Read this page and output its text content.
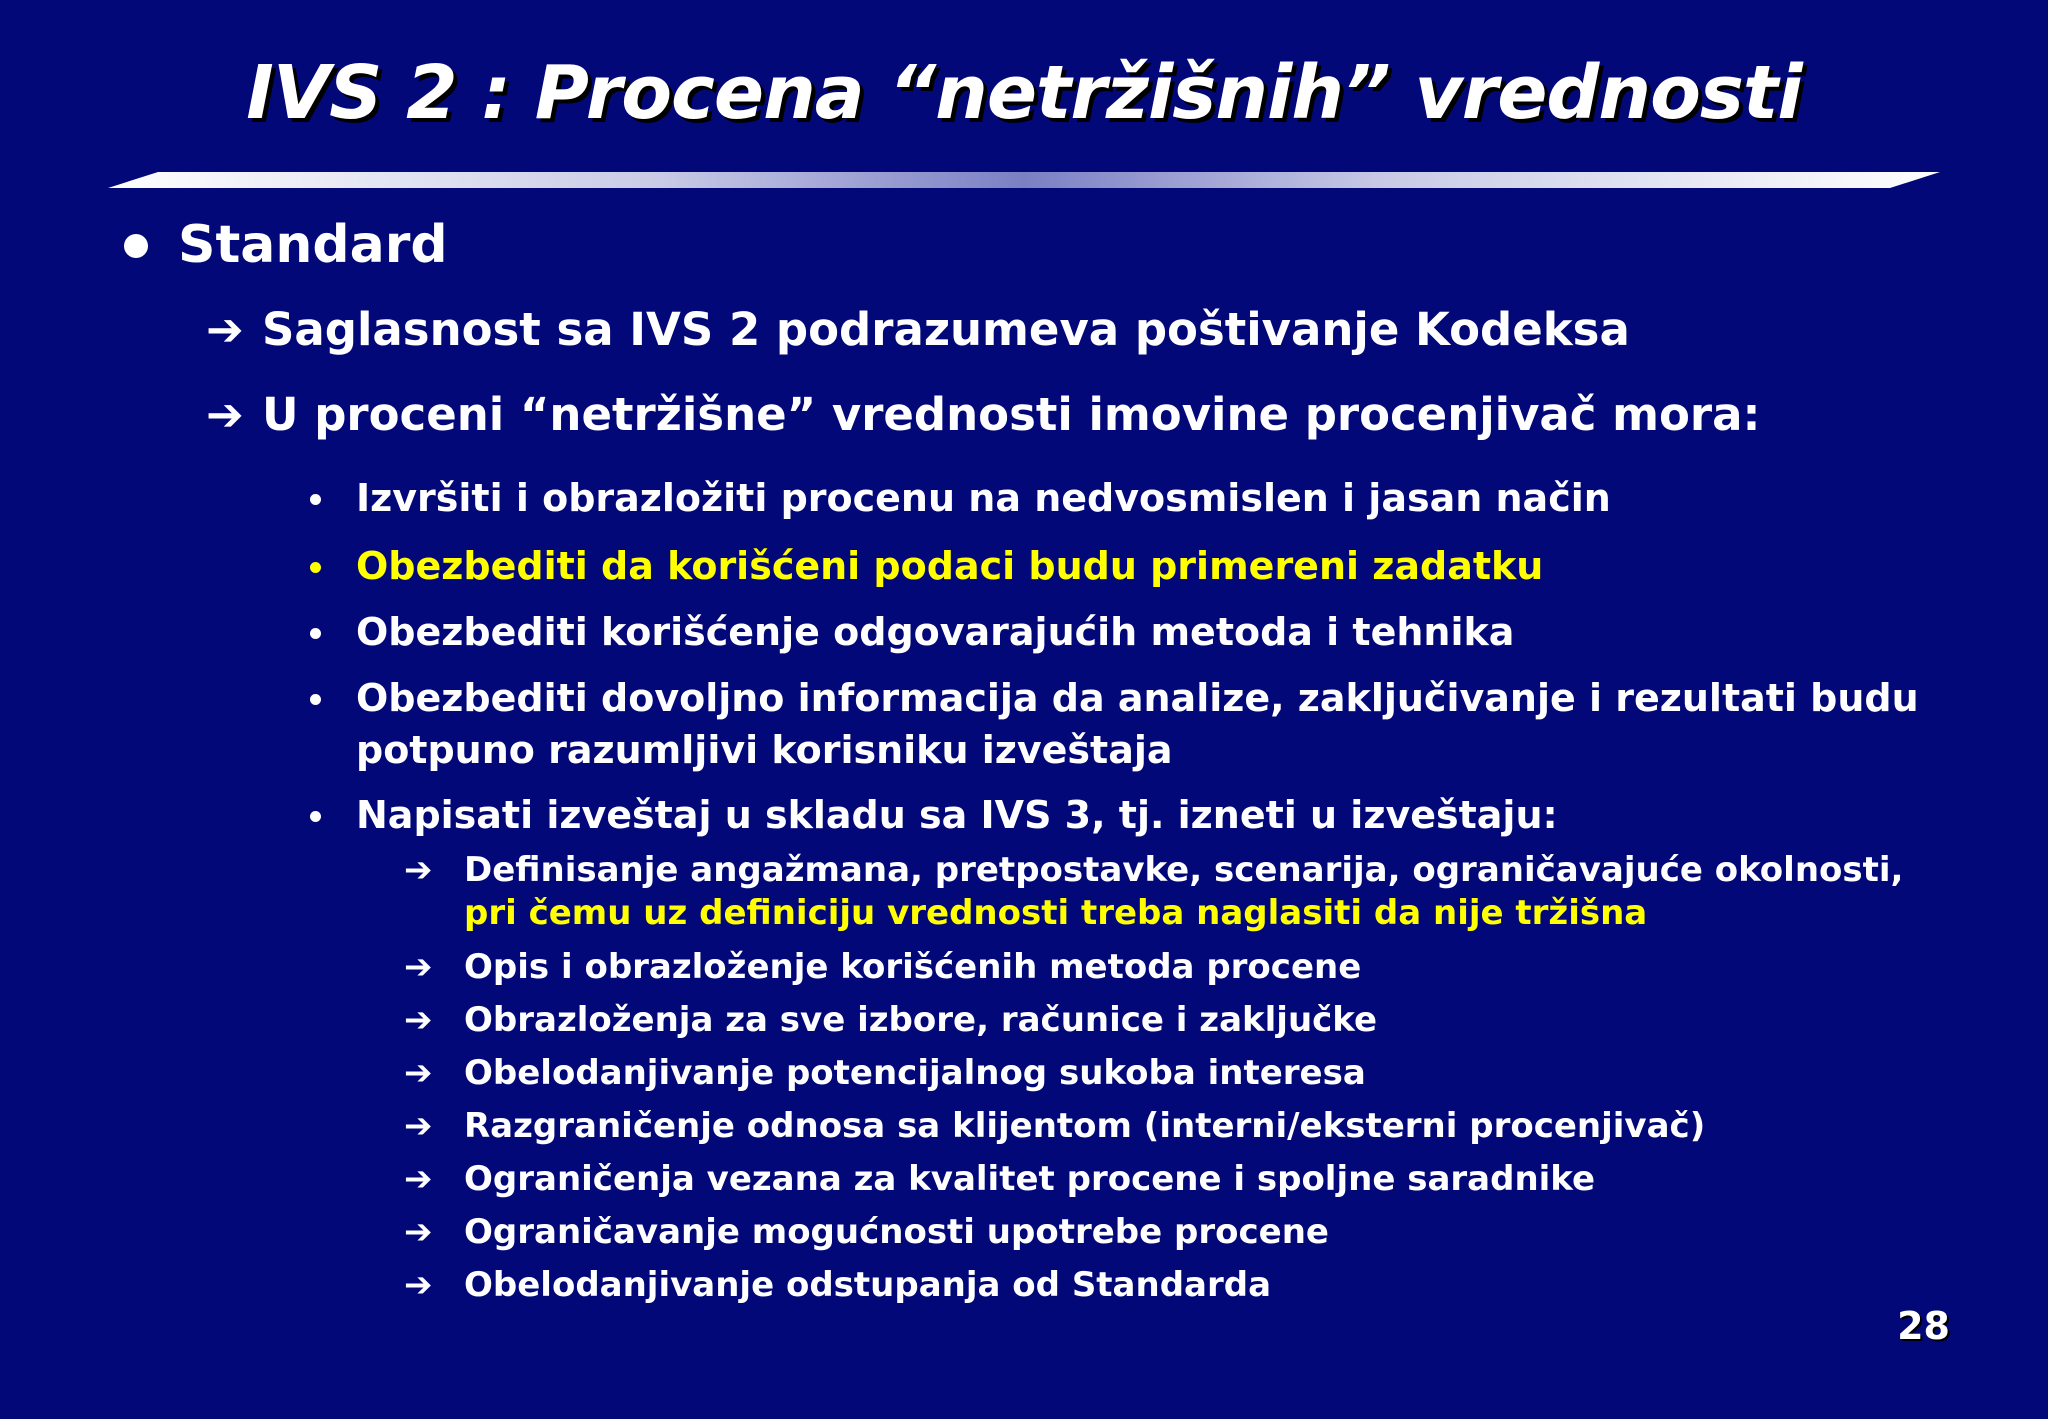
IVS 2 : Procena “netržišnih” vrednosti
Standard
➔ Saglasnost sa IVS 2 podrazumeva poštivanje Kodeksa
➔ U proceni “netržišne” vrednosti imovine procenjivač mora:
Izvršiti i obrazložiti procenu na nedvosmislen i jasan način
Obezbediti da korišćeni podaci budu primereni zadatku
Obezbediti korišćenje odgovarajućih metoda i tehnika
Obezbediti dovoljno informacija da analize, zaključivanje i rezultati budu potpuno razumljivi korisniku izveštaja
Napisati izveštaj u skladu sa IVS 3, tj. izneti u izveštaju:
➔ Definisanje angažmana, pretpostavke, scenarija, ograničavajuće okolnosti, pri čemu uz definiciju vrednosti treba naglasiti da nije tržišna
➔ Opis i obrazloženje korišćenih metoda procene
➔ Obrazloženja za sve izbore, računice i zaključke
➔ Obelodanjivanje potencijalnog sukoba interesa
➔ Razgraničenje odnosa sa klijentom (interni/eksterni procenjivač)
➔ Ograničenja vezana za kvalitet procene i spoljne saradnike
➔ Ograničavanje mogućnosti upotrebe procene
➔ Obelodanjivanje odstupanja od Standarda
28
